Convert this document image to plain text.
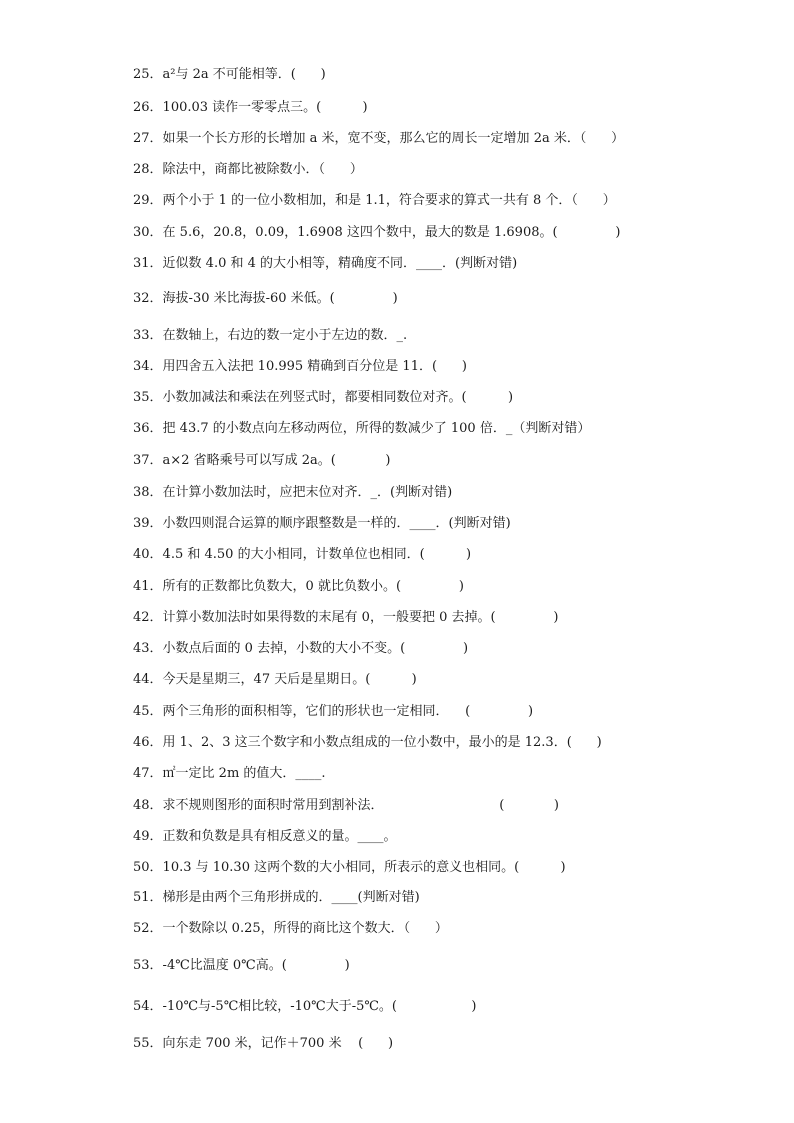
25．a²与 2a 不可能相等．(      )
26．100.03 读作一零零点三。(          )
27．如果一个长方形的长增加 a 米，宽不变，那么它的周长一定增加 2a 米．（      ）
28．除法中，商都比被除数小．（      ）
29．两个小于 1 的一位小数相加，和是 1.1，符合要求的算式一共有 8 个．（      ）
30．在 5.6，20.8，0.09，1.6908 这四个数中，最大的数是 1.6908。(              )
31．近似数 4.0 和 4 的大小相等，精确度不同．____．(判断对错)
32．海拔-30 米比海拔-60 米低。(              )
33．在数轴上，右边的数一定小于左边的数．_.
34．用四舍五入法把 10.995 精确到百分位是 11．(      )
35．小数加减法和乘法在列竖式时，都要相同数位对齐。(          )
36．把 43.7 的小数点向左移动两位，所得的数减少了 100 倍．_（判断对错）
37．a×2 省略乘号可以写成 2a。(            )
38．在计算小数加法时，应把末位对齐．_．(判断对错)
39．小数四则混合运算的顺序跟整数是一样的．____．(判断对错)
40．4.5 和 4.50 的大小相同，计数单位也相同．(          )
41．所有的正数都比负数大，0 就比负数小。(              )
42．计算小数加法时如果得数的末尾有 0，一般要把 0 去掉。(              )
43．小数点后面的 0 去掉，小数的大小不变。(              )
44．今天是星期三，47 天后是星期日。(          )
45．两个三角形的面积相等，它们的形状也一定相同．    (              )
46．用 1、2、3 这三个数字和小数点组成的一位小数中，最小的是 12.3．(      )
47．㎡一定比 2m 的值大．____.
48．求不规则图形的面积时常用到割补法．                            (            )
49．正数和负数是具有相反意义的量。____。
50．10.3 与 10.30 这两个数的大小相同，所表示的意义也相同。(          )
51．梯形是由两个三角形拼成的．____(判断对错)
52．一个数除以 0.25，所得的商比这个数大．（      ）
53．-4℃比温度 0℃高。(              )
54．-10℃与-5℃相比较，-10℃大于-5℃。(                  )
55．向东走 700 米，记作＋700 米    (      )
